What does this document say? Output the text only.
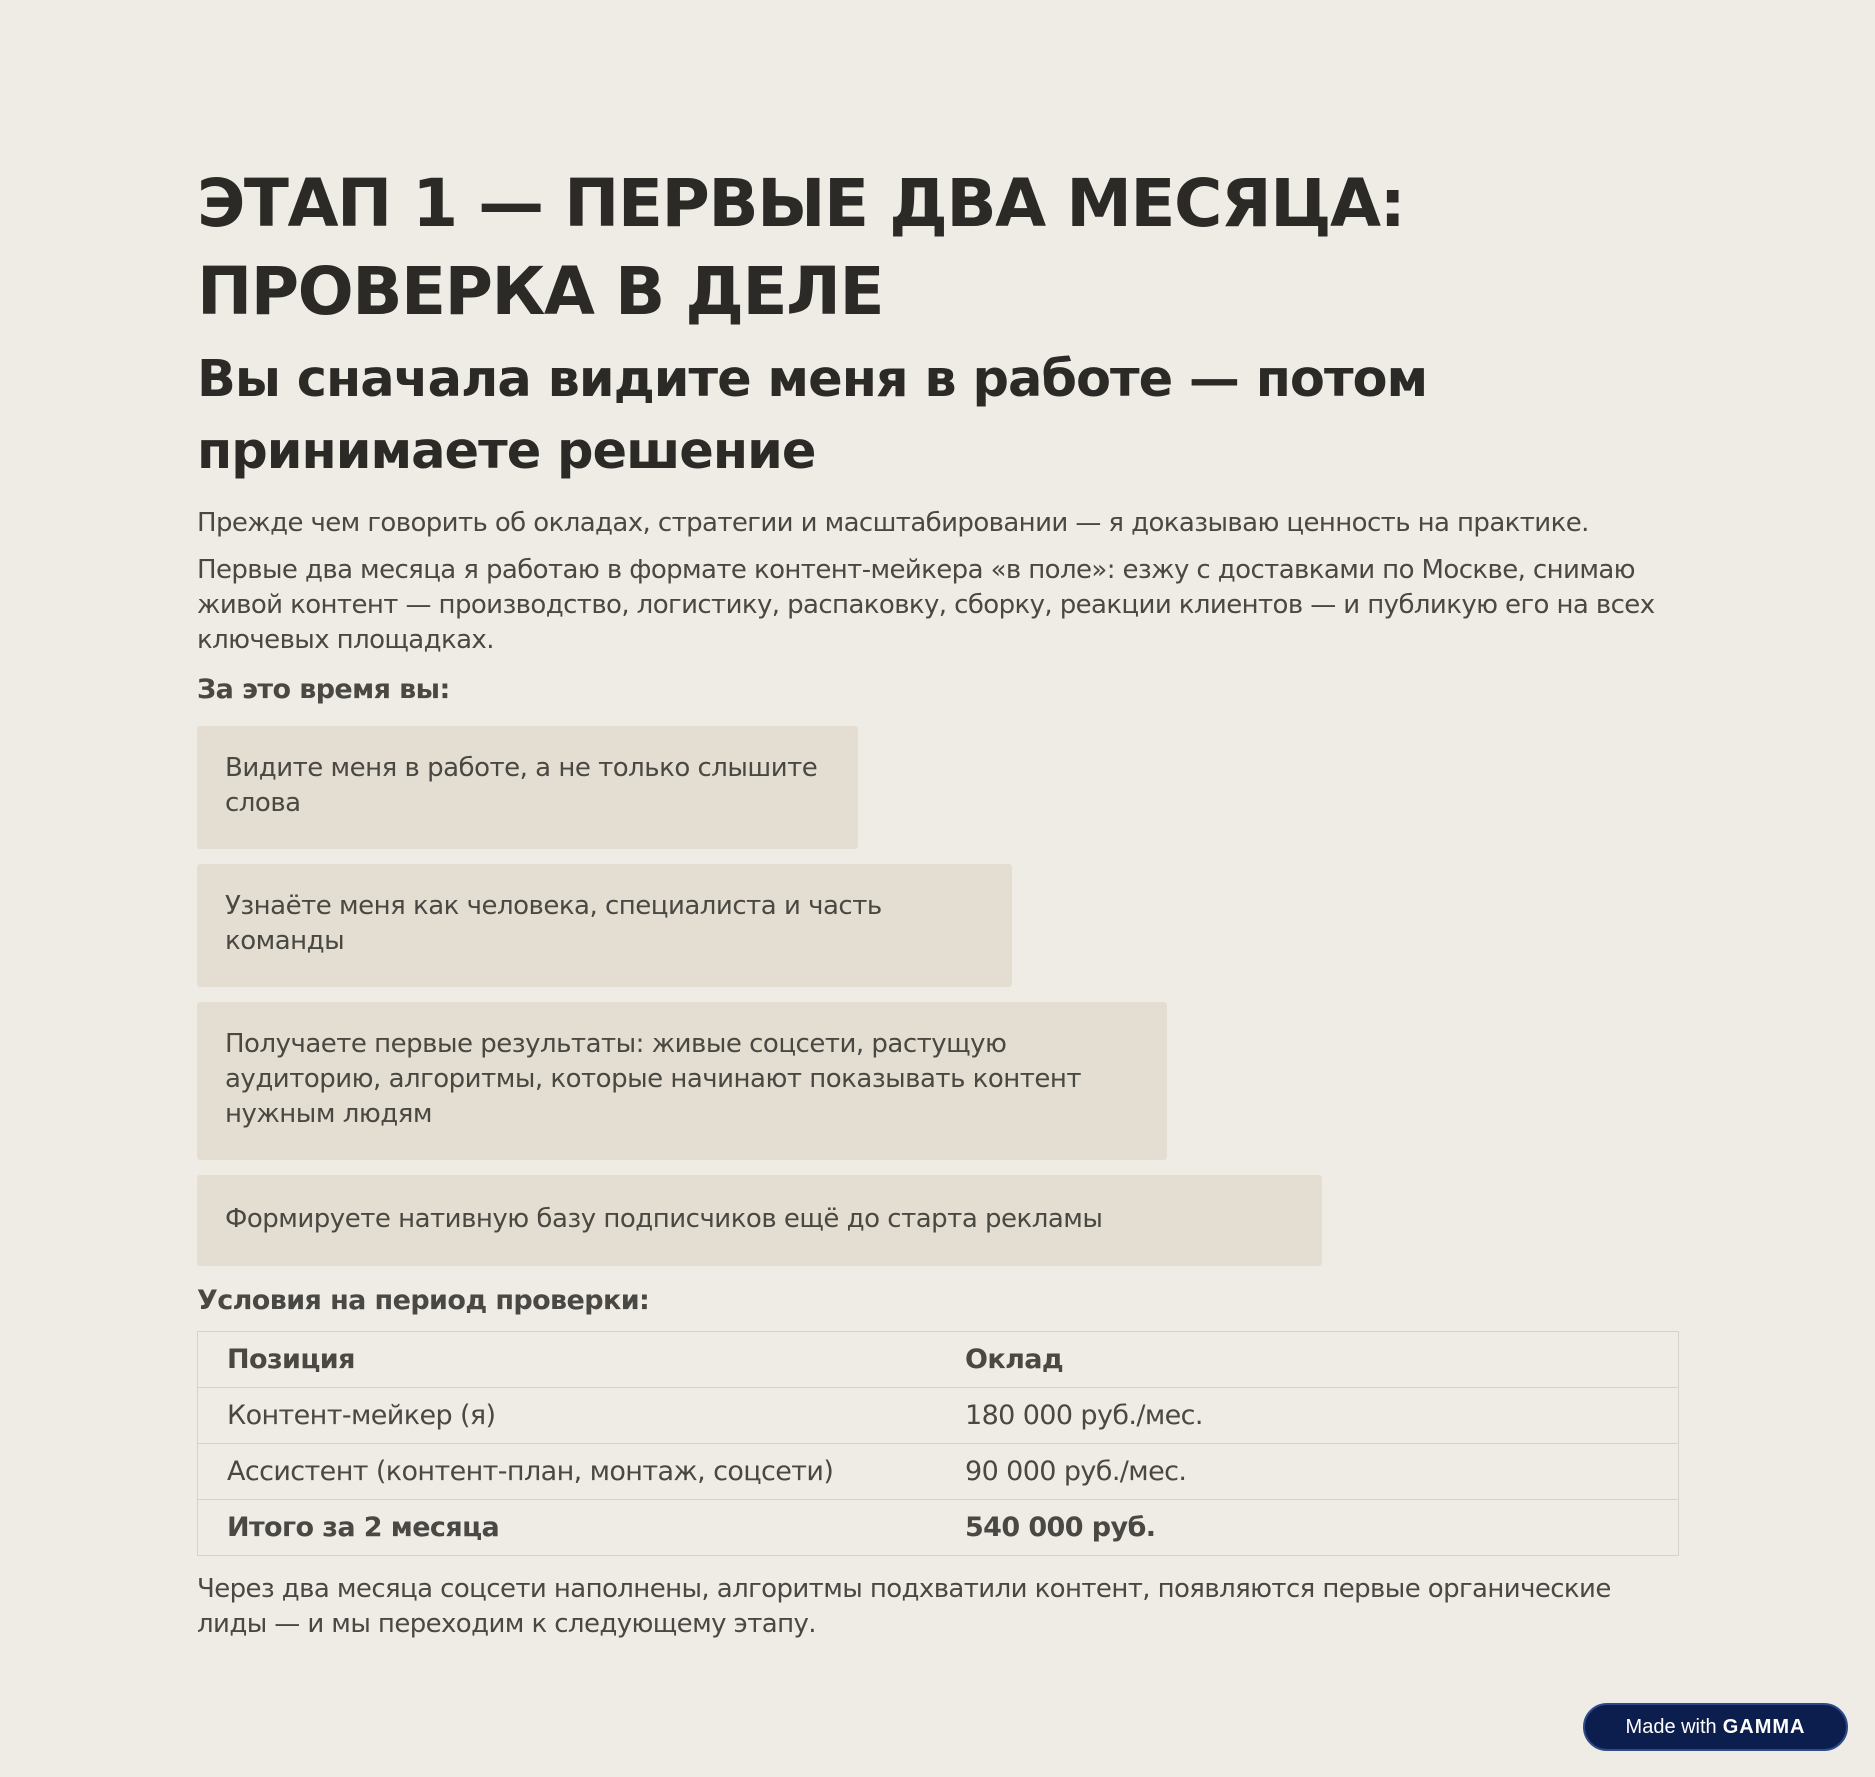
ЭТАП 1 — ПЕРВЫЕ ДВА МЕСЯЦА:
ПРОВЕРКА В ДЕЛЕ
Вы сначала видите меня в работе — потом
принимаете решение

Прежде чем говорить об окладах, стратегии и масштабировании — я доказываю ценность на практике.

Первые два месяца я работаю в формате контент-мейкера «в поле»: езжу с доставками по Москве, снимаю живой контент — производство, логистику, распаковку, сборку, реакции клиентов — и публикую его на всех ключевых площадках.

За это время вы:
Видите меня в работе, а не только слышите слова
Узнаёте меня как человека, специалиста и часть команды
Получаете первые результаты: живые соцсети, растущую аудиторию, алгоритмы, которые начинают показывать контент нужным людям
Формируете нативную базу подписчиков ещё до старта рекламы
Условия на период проверки:
Позиция	Оклад
Контент-мейкер (я)	180 000 руб./мес.
Ассистент (контент-план, монтаж, соцсети)	90 000 руб./мес.
Итого за 2 месяца	540 000 руб.

Через два месяца соцсети наполнены, алгоритмы подхватили контент, появляются первые органические лиды — и мы переходим к следующему этапу.

Made with GAMMA
